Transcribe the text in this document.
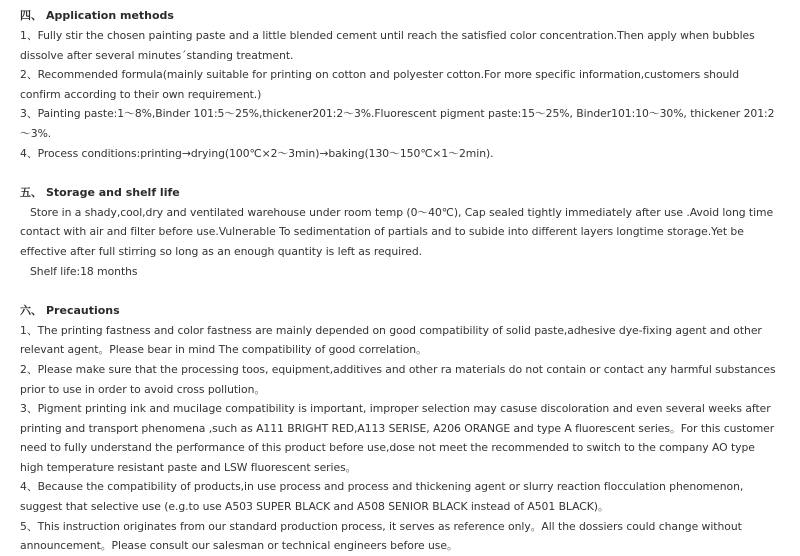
四、 Application methods

1、Fully stir the chosen painting paste and a little blended cement until reach the satisfied color concentration.Then apply when bubbles dissolve after several minutes´standing treatment.

2、Recommended formula(mainly suitable for printing on cotton and polyester cotton.For more specific information,customers should confirm according to their own requirement.)

3、Painting paste:1～8%,Binder 101:5～25%,thickener201:2～3%.Fluorescent pigment paste:15～25%, Binder101:10～30%, thickener 201:2～3%.

4、Process conditions:printing→drying(100℃×2～3min)→baking(130～150℃×1～2min).

五、 Storage and shelf life

Store in a shady,cool,dry and ventilated warehouse under room temp (0～40℃), Cap sealed tightly immediately after use .Avoid long time contact with air and filter before use.Vulnerable To sedimentation of partials and to subide into different layers longtime storage.Yet be effective after full stirring so long as an enough quantity is left as required.

Shelf life:18 months

六、 Precautions

1、The printing fastness and color fastness are mainly depended on good compatibility of solid paste,adhesive dye-fixing agent and other relevant agent。Please bear in mind The compatibility of good correlation。

2、Please make sure that the processing toos, equipment,additives and other ra materials do not contain or contact any harmful substances prior to use in order to avoid cross pollution。

3、Pigment printing ink and mucilage compatibility is important, improper selection may casuse discoloration and even several weeks after printing and transport phenomena ,such as A111 BRIGHT RED,A113 SERISE, A206 ORANGE and type A fluorescent series。For this customer need to fully understand the performance of this product before use,dose not meet the recommended to switch to the company AO type high temperature resistant paste and LSW fluorescent series。

4、Because the compatibility of products,in use process and process and thickening agent or slurry reaction flocculation phenomenon, suggest that selective use (e.g.to use A503 SUPER BLACK and A508 SENIOR BLACK instead of A501 BLACK)。

5、This instruction originates from our standard production process, it serves as reference only。All the dossiers could change without announcement。Please consult our salesman or technical engineers before use。
